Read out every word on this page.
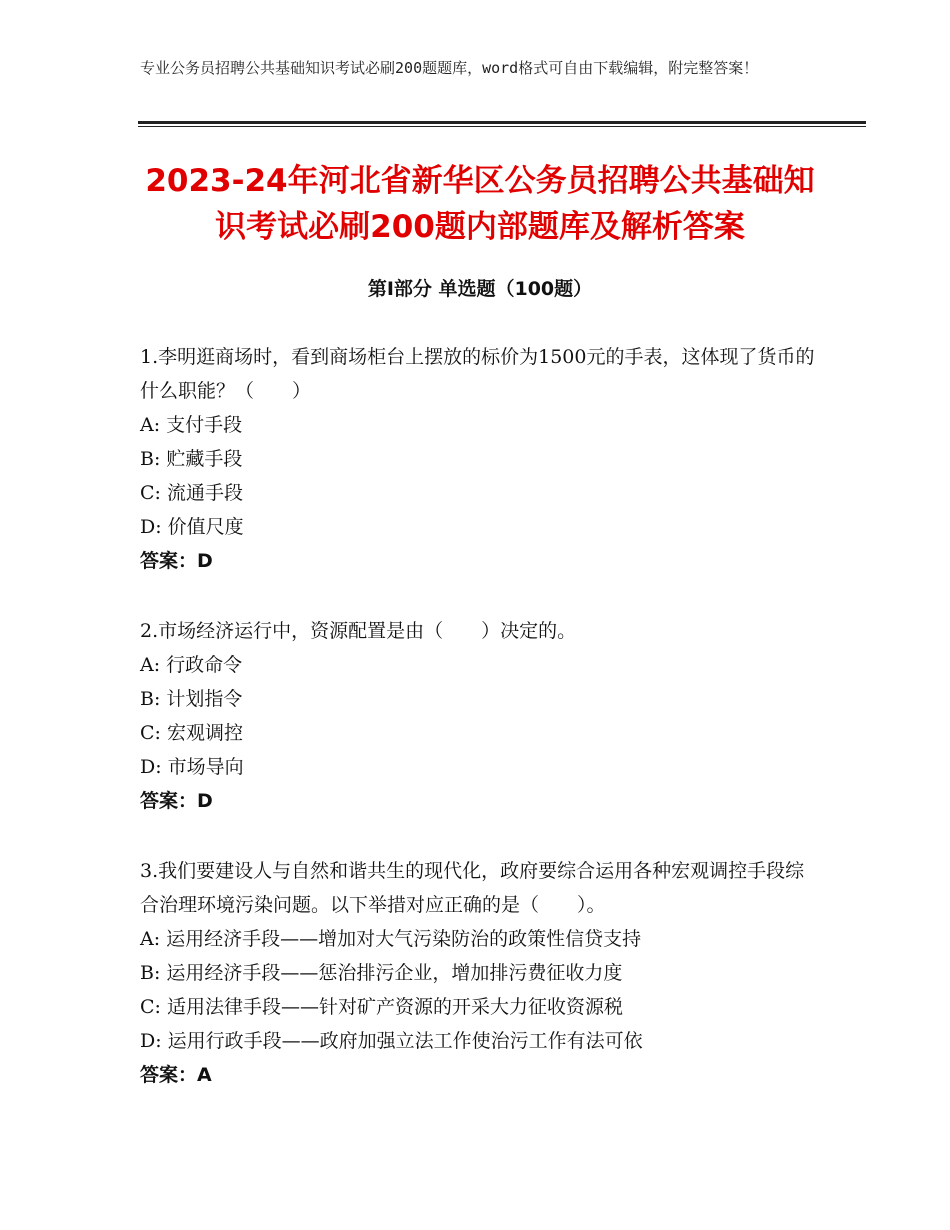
专业公务员招聘公共基础知识考试必刷200题题库，word格式可自由下载编辑，附完整答案！
2023-24年河北省新华区公务员招聘公共基础知识考试必刷200题内部题库及解析答案
第Ⅰ部分 单选题（100题）
1.李明逛商场时，看到商场柜台上摆放的标价为1500元的手表，这体现了货币的什么职能？（　　）
A: 支付手段
B: 贮藏手段
C: 流通手段
D: 价值尺度
答案：D
2.市场经济运行中，资源配置是由（　　）决定的。
A: 行政命令
B: 计划指令
C: 宏观调控
D: 市场导向
答案：D
3.我们要建设人与自然和谐共生的现代化，政府要综合运用各种宏观调控手段综合治理环境污染问题。以下举措对应正确的是（　　）。
A: 运用经济手段——增加对大气污染防治的政策性信贷支持
B: 运用经济手段——惩治排污企业，增加排污费征收力度
C: 适用法律手段——针对矿产资源的开采大力征收资源税
D: 运用行政手段——政府加强立法工作使治污工作有法可依
答案：A
